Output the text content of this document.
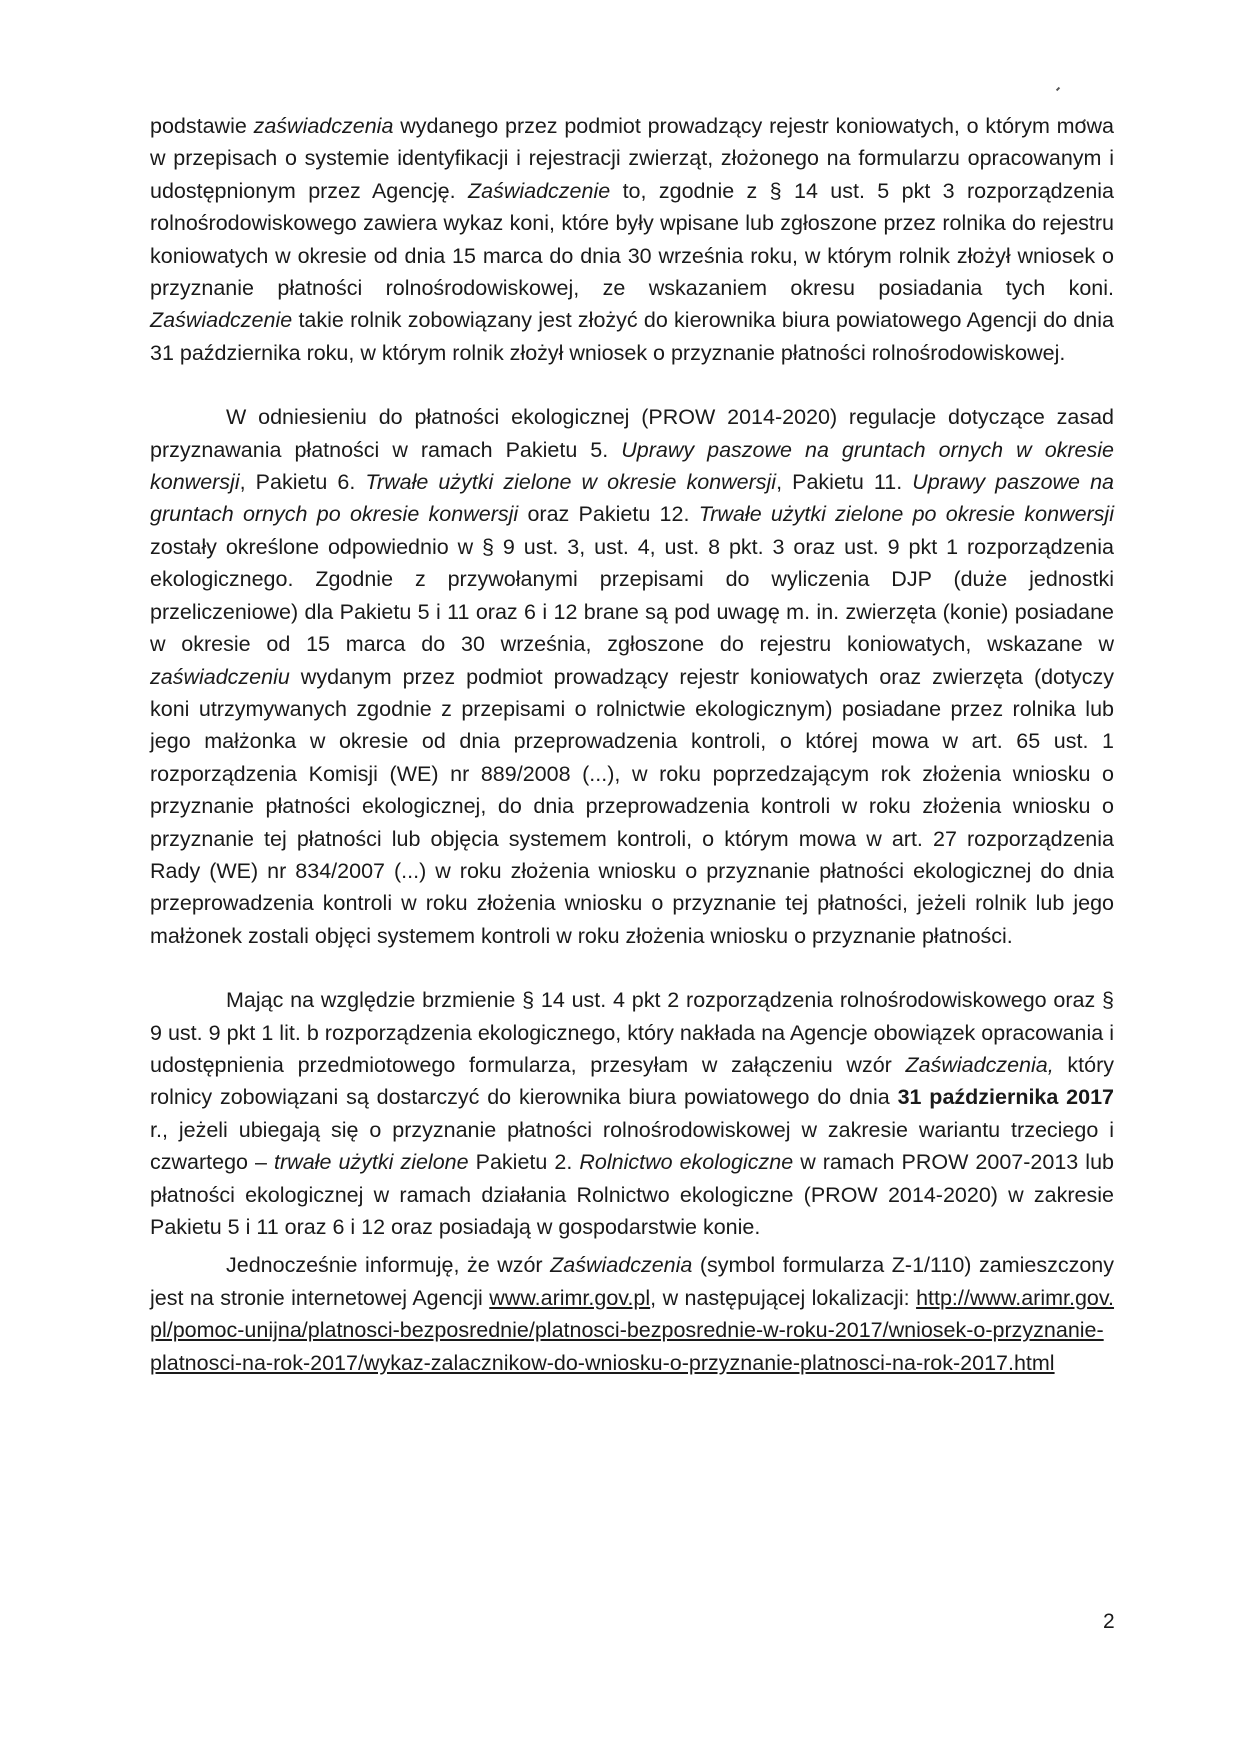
podstawie zaświadczenia wydanego przez podmiot prowadzący rejestr koniowatych, o którym mowa w przepisach o systemie identyfikacji i rejestracji zwierząt, złożonego na formularzu opracowanym i udostępnionym przez Agencję. Zaświadczenie to, zgodnie z § 14 ust. 5 pkt 3 rozporządzenia rolnośrodowiskowego zawiera wykaz koni, które były wpisane lub zgłoszone przez rolnika do rejestru koniowatych w okresie od dnia 15 marca do dnia 30 września roku, w którym rolnik złożył wniosek o przyznanie płatności rolnośrodowiskowej, ze wskazaniem okresu posiadania tych koni. Zaświadczenie takie rolnik zobowiązany jest złożyć do kierownika biura powiatowego Agencji do dnia 31 października roku, w którym rolnik złożył wniosek o przyznanie płatności rolnośrodowiskowej.

W odniesieniu do płatności ekologicznej (PROW 2014-2020) regulacje dotyczące zasad przyznawania płatności w ramach Pakietu 5. Uprawy paszowe na gruntach ornych w okresie konwersji, Pakietu 6. Trwałe użytki zielone w okresie konwersji, Pakietu 11. Uprawy paszowe na gruntach ornych po okresie konwersji oraz Pakietu 12. Trwałe użytki zielone po okresie konwersji zostały określone odpowiednio w § 9 ust. 3, ust. 4, ust. 8 pkt. 3 oraz ust. 9 pkt 1 rozporządzenia ekologicznego. Zgodnie z przywołanymi przepisami do wyliczenia DJP (duże jednostki przeliczeniowe) dla Pakietu 5 i 11 oraz 6 i 12 brane są pod uwagę m. in. zwierzęta (konie) posiadane w okresie od 15 marca do 30 września, zgłoszone do rejestru koniowatych, wskazane w zaświadczeniu wydanym przez podmiot prowadzący rejestr koniowatych oraz zwierzęta (dotyczy koni utrzymywanych zgodnie z przepisami o rolnictwie ekologicznym) posiadane przez rolnika lub jego małżonka w okresie od dnia przeprowadzenia kontroli, o której mowa w art. 65 ust. 1 rozporządzenia Komisji (WE) nr 889/2008 (...), w roku poprzedzającym rok złożenia wniosku o przyznanie płatności ekologicznej, do dnia przeprowadzenia kontroli w roku złożenia wniosku o przyznanie tej płatności lub objęcia systemem kontroli, o którym mowa w art. 27 rozporządzenia Rady (WE) nr 834/2007 (...) w roku złożenia wniosku o przyznanie płatności ekologicznej do dnia przeprowadzenia kontroli w roku złożenia wniosku o przyznanie tej płatności, jeżeli rolnik lub jego małżonek zostali objęci systemem kontroli w roku złożenia wniosku o przyznanie płatności.

Mając na względzie brzmienie § 14 ust. 4 pkt 2 rozporządzenia rolnośrodowiskowego oraz § 9 ust. 9 pkt 1 lit. b rozporządzenia ekologicznego, który nakłada na Agencje obowiązek opracowania i udostępnienia przedmiotowego formularza, przesyłam w załączeniu wzór Zaświadczenia, który rolnicy zobowiązani są dostarczyć do kierownika biura powiatowego do dnia 31 października 2017 r., jeżeli ubiegają się o przyznanie płatności rolnośrodowiskowej w zakresie wariantu trzeciego i czwartego – trwałe użytki zielone Pakietu 2. Rolnictwo ekologiczne w ramach PROW 2007-2013 lub płatności ekologicznej w ramach działania Rolnictwo ekologiczne (PROW 2014-2020) w zakresie Pakietu 5 i 11 oraz 6 i 12 oraz posiadają w gospodarstwie konie.

Jednocześnie informuję, że wzór Zaświadczenia (symbol formularza Z-1/110) zamieszczony jest na stronie internetowej Agencji www.arimr.gov.pl, w następującej lokalizacji: http://www.arimr.gov.pl/pomoc-unijna/platnosci-bezposrednie/platnosci-bezposrednie-w-roku-2017/wniosek-o-przyznanie-platnosci-na-rok-2017/wykaz-zalacznikow-do-wniosku-o-przyznanie-platnosci-na-rok-2017.html

2
